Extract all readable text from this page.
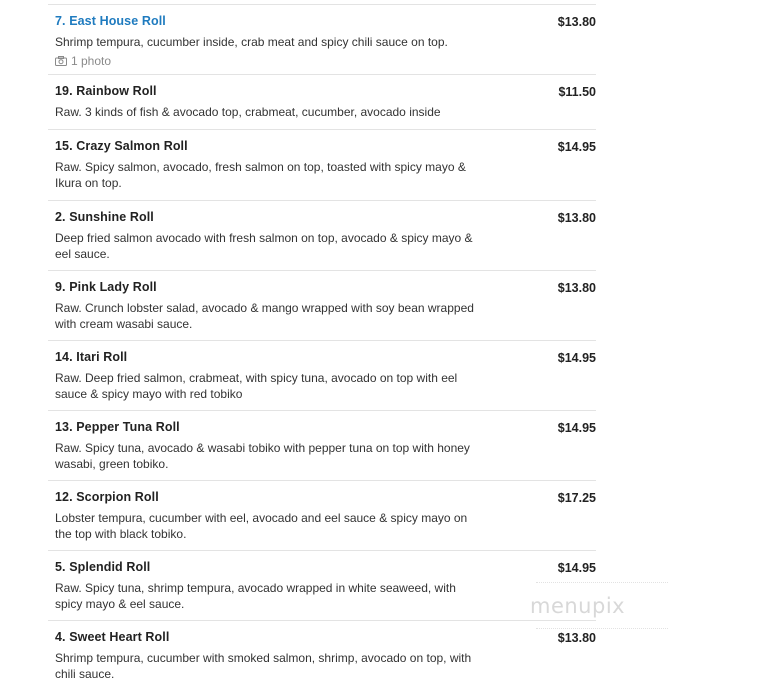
7. East House Roll	$13.80
Shrimp tempura, cucumber inside, crab meat and spicy chili sauce on top.
1 photo
19. Rainbow Roll	$11.50
Raw. 3 kinds of fish & avocado top, crabmeat, cucumber, avocado inside
15. Crazy Salmon Roll	$14.95
Raw. Spicy salmon, avocado, fresh salmon on top, toasted with spicy mayo & Ikura on top.
2. Sunshine Roll	$13.80
Deep fried salmon avocado with fresh salmon on top, avocado & spicy mayo & eel sauce.
9. Pink Lady Roll	$13.80
Raw. Crunch lobster salad, avocado & mango wrapped with soy bean wrapped with cream wasabi sauce.
14. Itari Roll	$14.95
Raw. Deep fried salmon, crabmeat, with spicy tuna, avocado on top with eel sauce & spicy mayo with red tobiko
13. Pepper Tuna Roll	$14.95
Raw. Spicy tuna, avocado & wasabi tobiko with pepper tuna on top with honey wasabi, green tobiko.
12. Scorpion Roll	$17.25
Lobster tempura, cucumber with eel, avocado and eel sauce & spicy mayo on the top with black tobiko.
5. Splendid Roll	$14.95
Raw. Spicy tuna, shrimp tempura, avocado wrapped in white seaweed, with spicy mayo & eel sauce.
4. Sweet Heart Roll	$13.80
Shrimp tempura, cucumber with smoked salmon, shrimp, avocado on top, with chili sauce.
menupix
